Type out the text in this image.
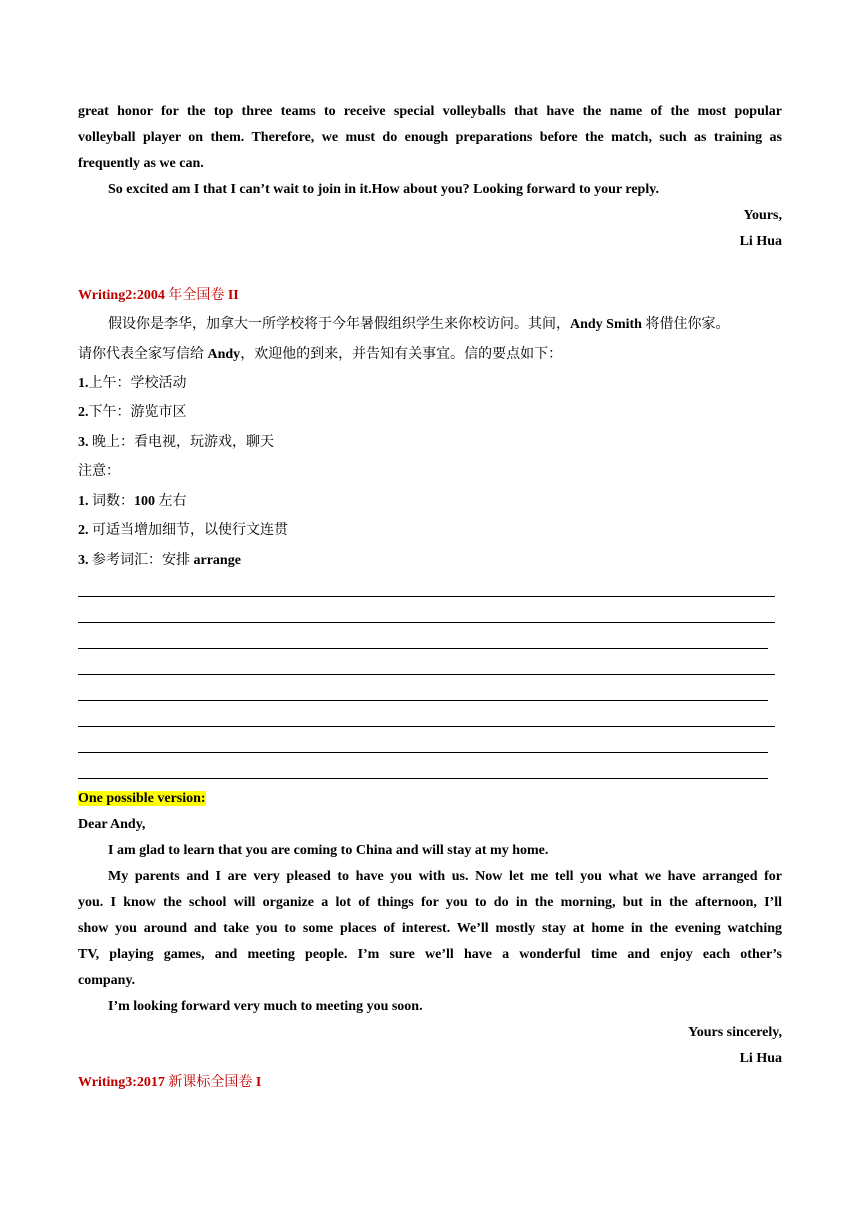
great honor for the top three teams to receive special volleyballs that have the name of the most popular
volleyball player on them. Therefore, we must do enough preparations before the match, such as training as
frequently as we can.
So excited am I that I can’t wait to join in it.How about you? Looking forward to your reply.
Yours,
Li Hua
Writing2:2004 年全国卷 II
假设你是李华，加拿大一所学校将于今年暑假组织学生来你校访问。其间，Andy Smith 将借住你家。
请你代表全家写信给 Andy，欢迎他的到来，并告知有关事宜。信的要点如下：
1.上午：学校活动
2.下午：游览市区
3. 晚上：看电视，玩游戏，聊天
注意：
1. 词数：100 左右
2. 可适当增加细节，以使行文连贯
3. 参考词汇：安排 arrange
One possible version:
Dear Andy,
I am glad to learn that you are coming to China and will stay at my home.
My parents and I are very pleased to have you with us. Now let me tell you what we have arranged for
you. I know the school will organize a lot of things for you to do in the morning, but in the afternoon, I’ll
show you around and take you to some places of interest. We’ll mostly stay at home in the evening watching
TV, playing games, and meeting people. I’m sure we’ll have a wonderful time and enjoy each other’s
company.
I’m looking forward very much to meeting you soon.
Yours sincerely,
Li Hua
Writing3:2017 新课标全国卷 I
